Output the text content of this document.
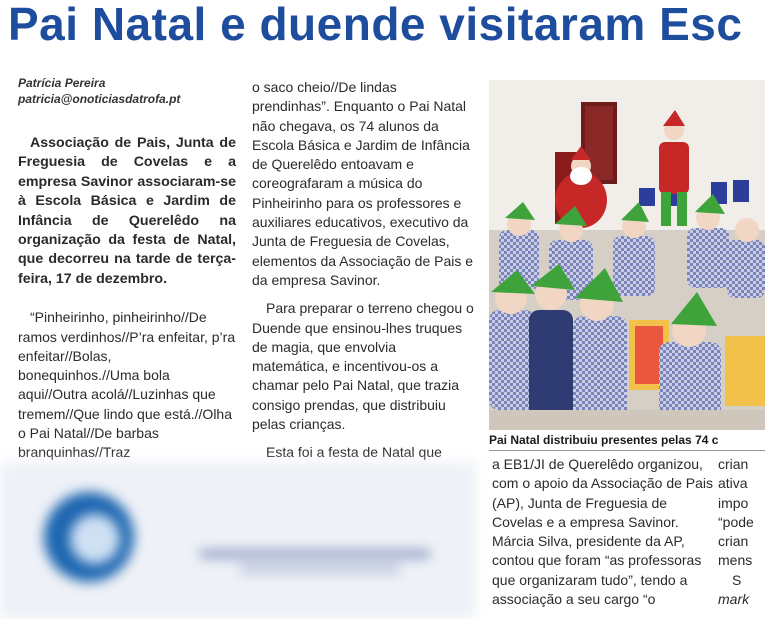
Pai Natal e duende visitaram Esc
Patrícia Pereira
patricia@onoticiasdatrofa.pt

Associação de Pais, Junta de Freguesia de Covelas e a empresa Savinor associaram-se à Escola Básica e Jardim de Infância de Querelêdo na organização da festa de Natal, que decorreu na tarde de terça-feira, 17 de dezembro.

“Pinheirinho, pinheirinho//De ramos verdinhos//P’ra enfeitar, p’ra enfeitar//Bolas, bonequinhos.//Uma bola aqui//Outra acolá//Luzinhas que tremem//Que lindo que está.//Olha o Pai Natal//De barbas branquinhas//Traz

o saco cheio//De lindas prendinhas”. Enquanto o Pai Natal não chegava, os 74 alunos da Escola Básica e Jardim de Infância de Querelêdo entoavam e coreografaram a música do Pinheirinho para os professores e auxiliares educativos, executivo da Junta de Freguesia de Covelas, elementos da Associação de Pais e da empresa Savinor.

Para preparar o terreno chegou o Duende que ensinou-lhes truques de magia, que envolvia matemática, e incentivou-os a chamar pelo Pai Natal, que trazia consigo prendas, que distribuiu pelas crianças.

Esta foi a festa de Natal que

Pai Natal distribuiu presentes pelas 74 c

a EB1/JI de Querelêdo organizou, com o apoio da Associação de Pais (AP), Junta de Freguesia de Covelas e a empresa Savinor. Márcia Silva, presidente da AP, contou que foram “as professoras que organizaram tudo”, tendo a associação a seu cargo “o

crian
ativa
impo
“pode
crian
mens
S
mark
